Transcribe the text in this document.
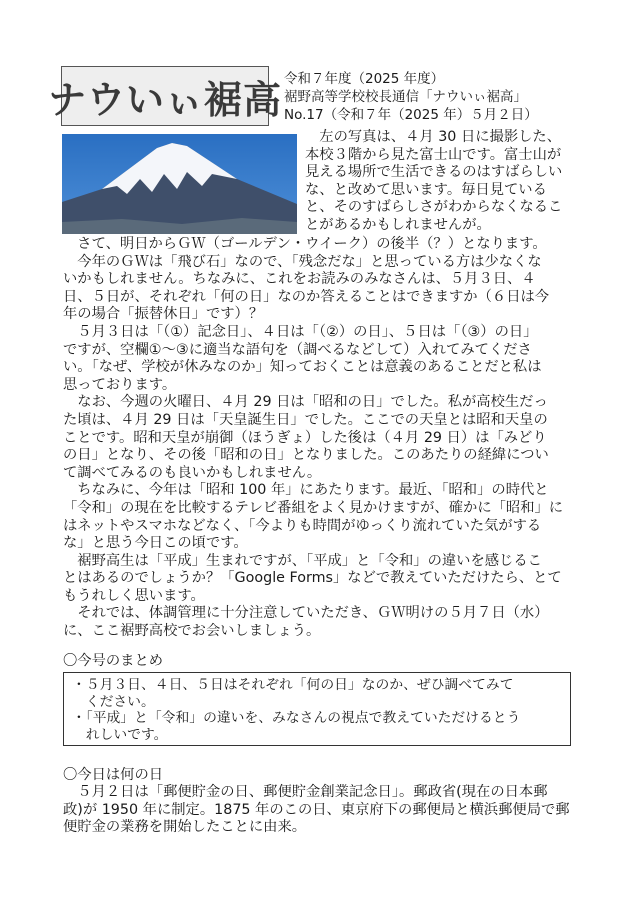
ナウいぃ裾高 令和７年度（2025 年度）
裾野高等学校校長通信「ナウいぃ裾高」
No.17（令和７年（2025 年）５月２日）
　左の写真は、４月 30 日に撮影した、
本校３階から見た富士山です。富士山が
見える場所で生活できるのはすばらしい
な、と改めて思います。毎日見ている
と、そのすばらしさがわからなくなるこ
とがあるかもしれませんが。
　さて、明日からＧＷ（ゴールデン・ウイーク）の後半（？）となります。
　今年のＧＷは「飛び石」なので、「残念だな」と思っている方は少なくな
いかもしれません。ちなみに、これをお読みのみなさんは、５月３日、４
日、５日が、それぞれ「何の日」なのか答えることはできますか（６日は今
年の場合「振替休日」です）？
　５月３日は「（①）記念日」、４日は「（②）の日」、５日は「（③）の日」
ですが、空欄①～③に適当な語句を（調べるなどして）入れてみてくださ
い。「なぜ、学校が休みなのか」知っておくことは意義のあることだと私は
思っております。
　なお、今週の火曜日、４月 29 日は「昭和の日」でした。私が高校生だっ
た頃は、４月 29 日は「天皇誕生日」でした。ここでの天皇とは昭和天皇の
ことです。昭和天皇が崩御（ほうぎょ）した後は（４月 29 日）は「みどり
の日」となり、その後「昭和の日」となりました。このあたりの経緯につい
て調べてみるのも良いかもしれません。
　ちなみに、今年は「昭和 100 年」にあたります。最近、「昭和」の時代と
「令和」の現在を比較するテレビ番組をよく見かけますが、確かに「昭和」に
はネットやスマホなどなく、「今よりも時間がゆっくり流れていた気がする
な」と思う今日この頃です。
　裾野高生は「平成」生まれですが、「平成」と「令和」の違いを感じるこ
とはあるのでしょうか？「Google Forms」などで教えていただけたら、とて
もうれしく思います。
　それでは、体調管理に十分注意していただき、ＧＷ明けの５月７日（水）
に、ここ裾野高校でお会いしましょう。
〇今号のまとめ
・５月３日、４日、５日はそれぞれ「何の日」なのか、ぜひ調べてみて
　ください。
・「平成」と「令和」の違いを、みなさんの視点で教えていただけるとう
　れしいです。
〇今日は何の日
　５月２日は「郵便貯金の日、郵便貯金創業記念日」。郵政省(現在の日本郵
政)が 1950 年に制定。1875 年のこの日、東京府下の郵便局と横浜郵便局で郵
便貯金の業務を開始したことに由来。
